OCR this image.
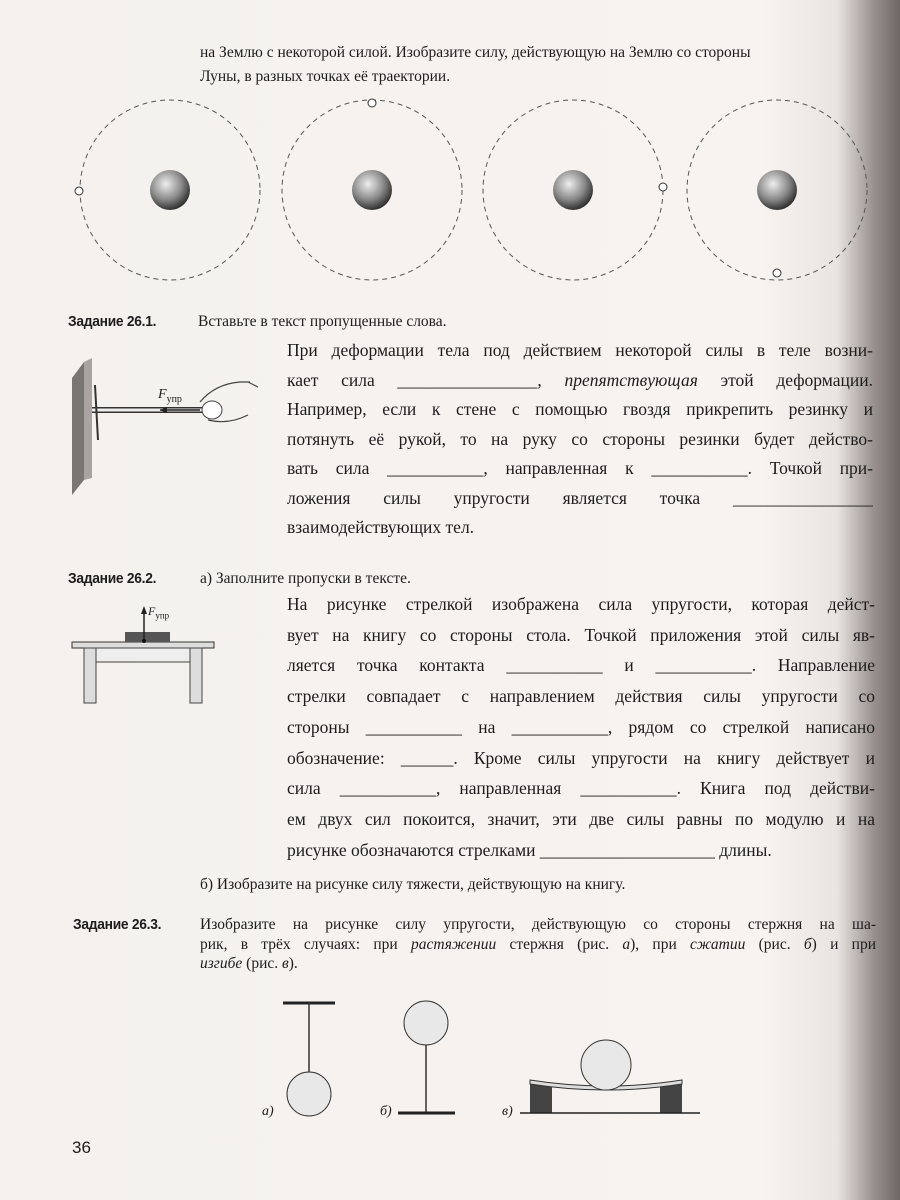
на Землю с некоторой силой. Изобразите силу, действующую на Землю со стороны
Луны, в разных точках её траектории.
Задание 26.1.	Вставьте в текст пропущенные слова.
$F_{упр}$
При деформации тела под действием некоторой силы в теле возни-
кает сила ________________, препятствующая этой деформации.
Например, если к стене с помощью гвоздя прикрепить резинку и
потянуть её рукой, то на руку со стороны резинки будет действо-
вать сила ___________, направленная к ___________. Точкой при-
ложения силы упругости является точка ________________
взаимодействующих тел.
Задание 26.2.	а) Заполните пропуски в тексте.
$F_{упр}$
На рисунке стрелкой изображена сила упругости, которая дейст-
вует на книгу со стороны стола. Точкой приложения этой силы яв-
ляется точка контакта ___________ и ___________. Направление
стрелки совпадает с направлением действия силы упругости со
стороны ___________ на ___________, рядом со стрелкой написано
обозначение: ______. Кроме силы упругости на книгу действует и
сила ___________, направленная ___________. Книга под действи-
ем двух сил покоится, значит, эти две силы равны по модулю и на
рисунке обозначаются стрелками ____________________ длины.
б) Изобразите на рисунке силу тяжести, действующую на книгу.
Задание 26.3.	Изобразите на рисунке силу упругости, действующую со стороны стержня на ша-
рик, в трёх случаях: при растяжении стержня (рис. а), при сжатии (рис. б) и при
изгибе (рис. в).
а)	б)	в)
36
